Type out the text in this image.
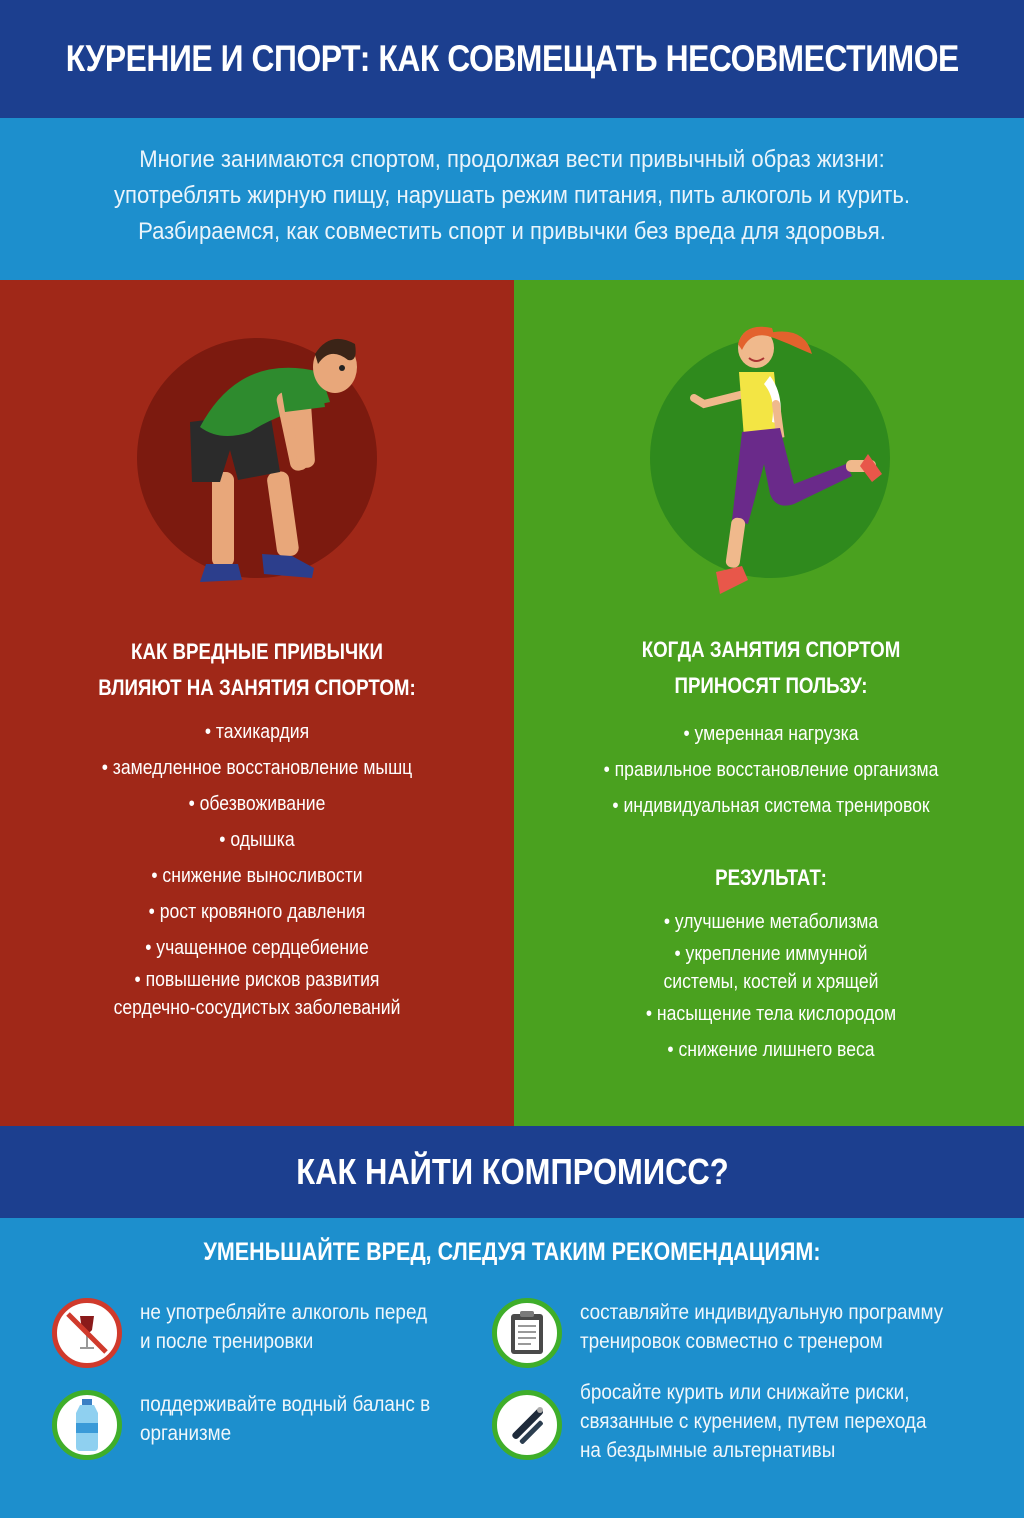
КУРЕНИЕ И СПОРТ: КАК СОВМЕЩАТЬ НЕСОВМЕСТИМОЕ

Многие занимаются спортом, продолжая вести привычный образ жизни: употреблять жирную пищу, нарушать режим питания, пить алкоголь и курить. Разбираемся, как совместить спорт и привычки без вреда для здоровья.

КАК ВРЕДНЫЕ ПРИВЫЧКИ
ВЛИЯЮТ НА ЗАНЯТИЯ СПОРТОМ:
• тахикардия
• замедленное восстановление мышц
• обезвоживание
• одышка
• снижение выносливости
• рост кровяного давления
• учащенное сердцебиение
• повышение рисков развития сердечно-сосудистых заболеваний
КОГДА ЗАНЯТИЯ СПОРТОМ
ПРИНОСЯТ ПОЛЬЗУ:
• умеренная нагрузка
• правильное восстановление организма
• индивидуальная система тренировок
РЕЗУЛЬТАТ:
• улучшение метаболизма
• укрепление иммунной системы, костей и хрящей
• насыщение тела кислородом
• снижение лишнего веса
КАК НАЙТИ КОМПРОМИСС?
УМЕНЬШАЙТЕ ВРЕД, СЛЕДУЯ ТАКИМ РЕКОМЕНДАЦИЯМ:
не употребляйте алкоголь перед и после тренировки
составляйте индивидуальную программу тренировок совместно с тренером
поддерживайте водный баланс в организме
бросайте курить или снижайте риски, связанные с курением, путем перехода на бездымные альтернативы
